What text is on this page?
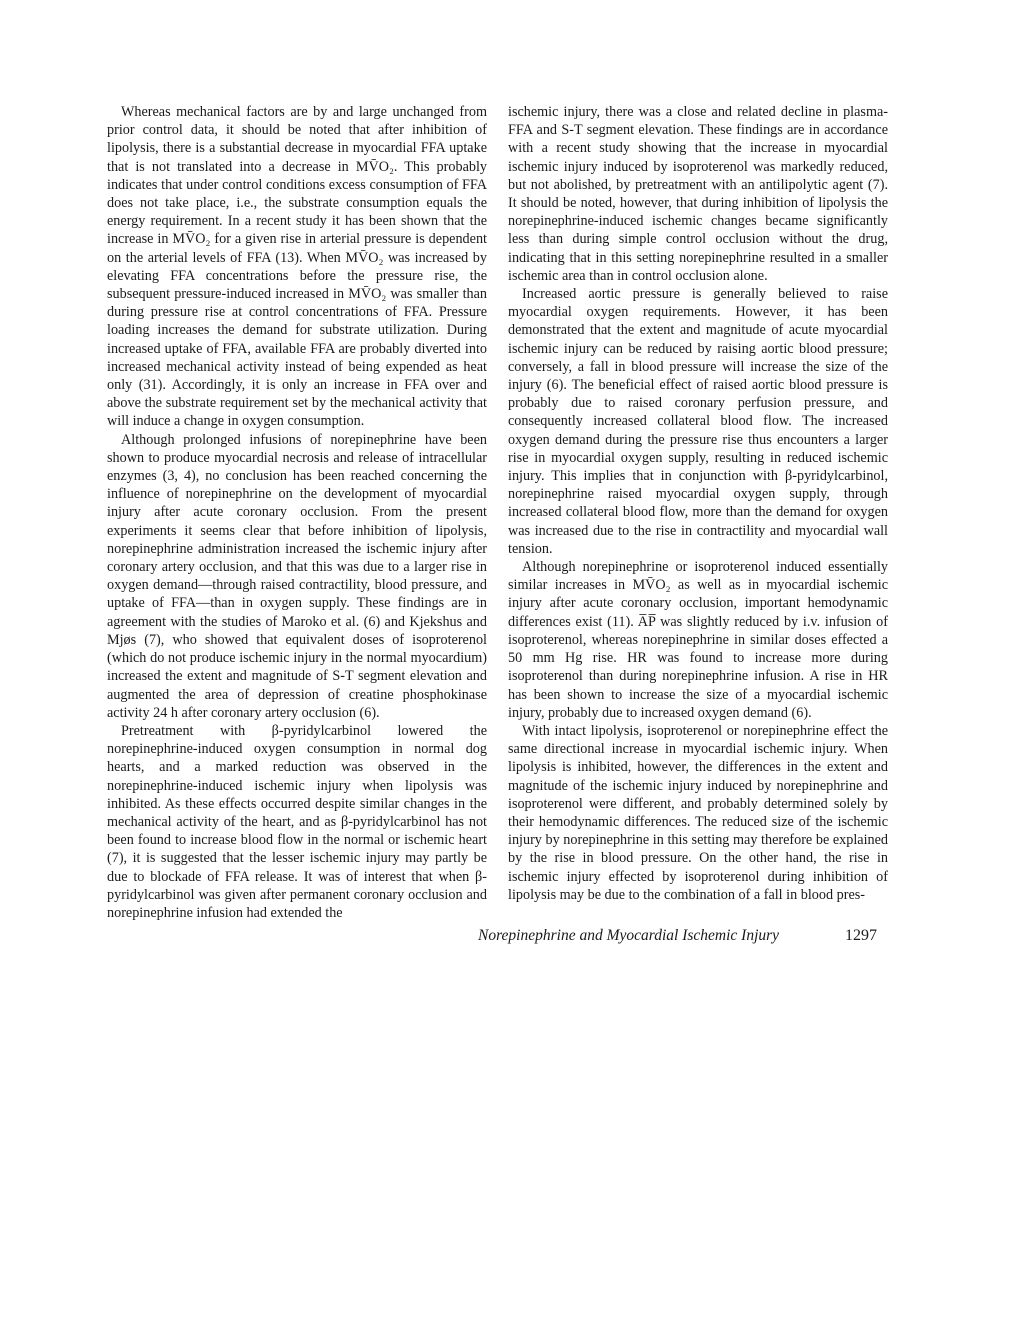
Whereas mechanical factors are by and large unchanged from prior control data, it should be noted that after inhibition of lipolysis, there is a substantial decrease in myocardial FFA uptake that is not translated into a decrease in MV̄O₂. This probably indicates that under control conditions excess consumption of FFA does not take place, i.e., the substrate consumption equals the energy requirement. In a recent study it has been shown that the increase in MV̄O₂ for a given rise in arterial pressure is dependent on the arterial levels of FFA (13). When MV̄O₂ was increased by elevating FFA concentrations before the pressure rise, the subsequent pressure-induced increased in MV̄O₂ was smaller than during pressure rise at control concentrations of FFA. Pressure loading increases the demand for substrate utilization. During increased uptake of FFA, available FFA are probably diverted into increased mechanical activity instead of being expended as heat only (31). Accordingly, it is only an increase in FFA over and above the substrate requirement set by the mechanical activity that will induce a change in oxygen consumption.

Although prolonged infusions of norepinephrine have been shown to produce myocardial necrosis and release of intracellular enzymes (3, 4), no conclusion has been reached concerning the influence of norepinephrine on the development of myocardial injury after acute coronary occlusion. From the present experiments it seems clear that before inhibition of lipolysis, norepinephrine administration increased the ischemic injury after coronary artery occlusion, and that this was due to a larger rise in oxygen demand—through raised contractility, blood pressure, and uptake of FFA—than in oxygen supply. These findings are in agreement with the studies of Maroko et al. (6) and Kjekshus and Mjøs (7), who showed that equivalent doses of isoproterenol (which do not produce ischemic injury in the normal myocardium) increased the extent and magnitude of S-T segment elevation and augmented the area of depression of creatine phosphokinase activity 24 h after coronary artery occlusion (6).

Pretreatment with β-pyridylcarbinol lowered the norepinephrine-induced oxygen consumption in normal dog hearts, and a marked reduction was observed in the norepinephrine-induced ischemic injury when lipolysis was inhibited. As these effects occurred despite similar changes in the mechanical activity of the heart, and as β-pyridylcarbinol has not been found to increase blood flow in the normal or ischemic heart (7), it is suggested that the lesser ischemic injury may partly be due to blockade of FFA release. It was of interest that when β-pyridylcarbinol was given after permanent coronary occlusion and norepinephrine infusion had extended the

ischemic injury, there was a close and related decline in plasma-FFA and S-T segment elevation. These findings are in accordance with a recent study showing that the increase in myocardial ischemic injury induced by isoproterenol was markedly reduced, but not abolished, by pretreatment with an antilipolytic agent (7). It should be noted, however, that during inhibition of lipolysis the norepinephrine-induced ischemic changes became significantly less than during simple control occlusion without the drug, indicating that in this setting norepinephrine resulted in a smaller ischemic area than in control occlusion alone.

Increased aortic pressure is generally believed to raise myocardial oxygen requirements. However, it has been demonstrated that the extent and magnitude of acute myocardial ischemic injury can be reduced by raising aortic blood pressure; conversely, a fall in blood pressure will increase the size of the injury (6). The beneficial effect of raised aortic blood pressure is probably due to raised coronary perfusion pressure, and consequently increased collateral blood flow. The increased oxygen demand during the pressure rise thus encounters a larger rise in myocardial oxygen supply, resulting in reduced ischemic injury. This implies that in conjunction with β-pyridylcarbinol, norepinephrine raised myocardial oxygen supply, through increased collateral blood flow, more than the demand for oxygen was increased due to the rise in contractility and myocardial wall tension.

Although norepinephrine or isoproterenol induced essentially similar increases in MV̄O₂ as well as in myocardial ischemic injury after acute coronary occlusion, important hemodynamic differences exist (11). A̅P̅ was slightly reduced by i.v. infusion of isoproterenol, whereas norepinephrine in similar doses effected a 50 mm Hg rise. HR was found to increase more during isoproterenol than during norepinephrine infusion. A rise in HR has been shown to increase the size of a myocardial ischemic injury, probably due to increased oxygen demand (6).

With intact lipolysis, isoproterenol or norepinephrine effect the same directional increase in myocardial ischemic injury. When lipolysis is inhibited, however, the differences in the extent and magnitude of the ischemic injury induced by norepinephrine and isoproterenol were different, and probably determined solely by their hemodynamic differences. The reduced size of the ischemic injury by norepinephrine in this setting may therefore be explained by the rise in blood pressure. On the other hand, the rise in ischemic injury effected by isoproterenol during inhibition of lipolysis may be due to the combination of a fall in blood pres-

Norepinephrine and Myocardial Ischemic Injury	1297
